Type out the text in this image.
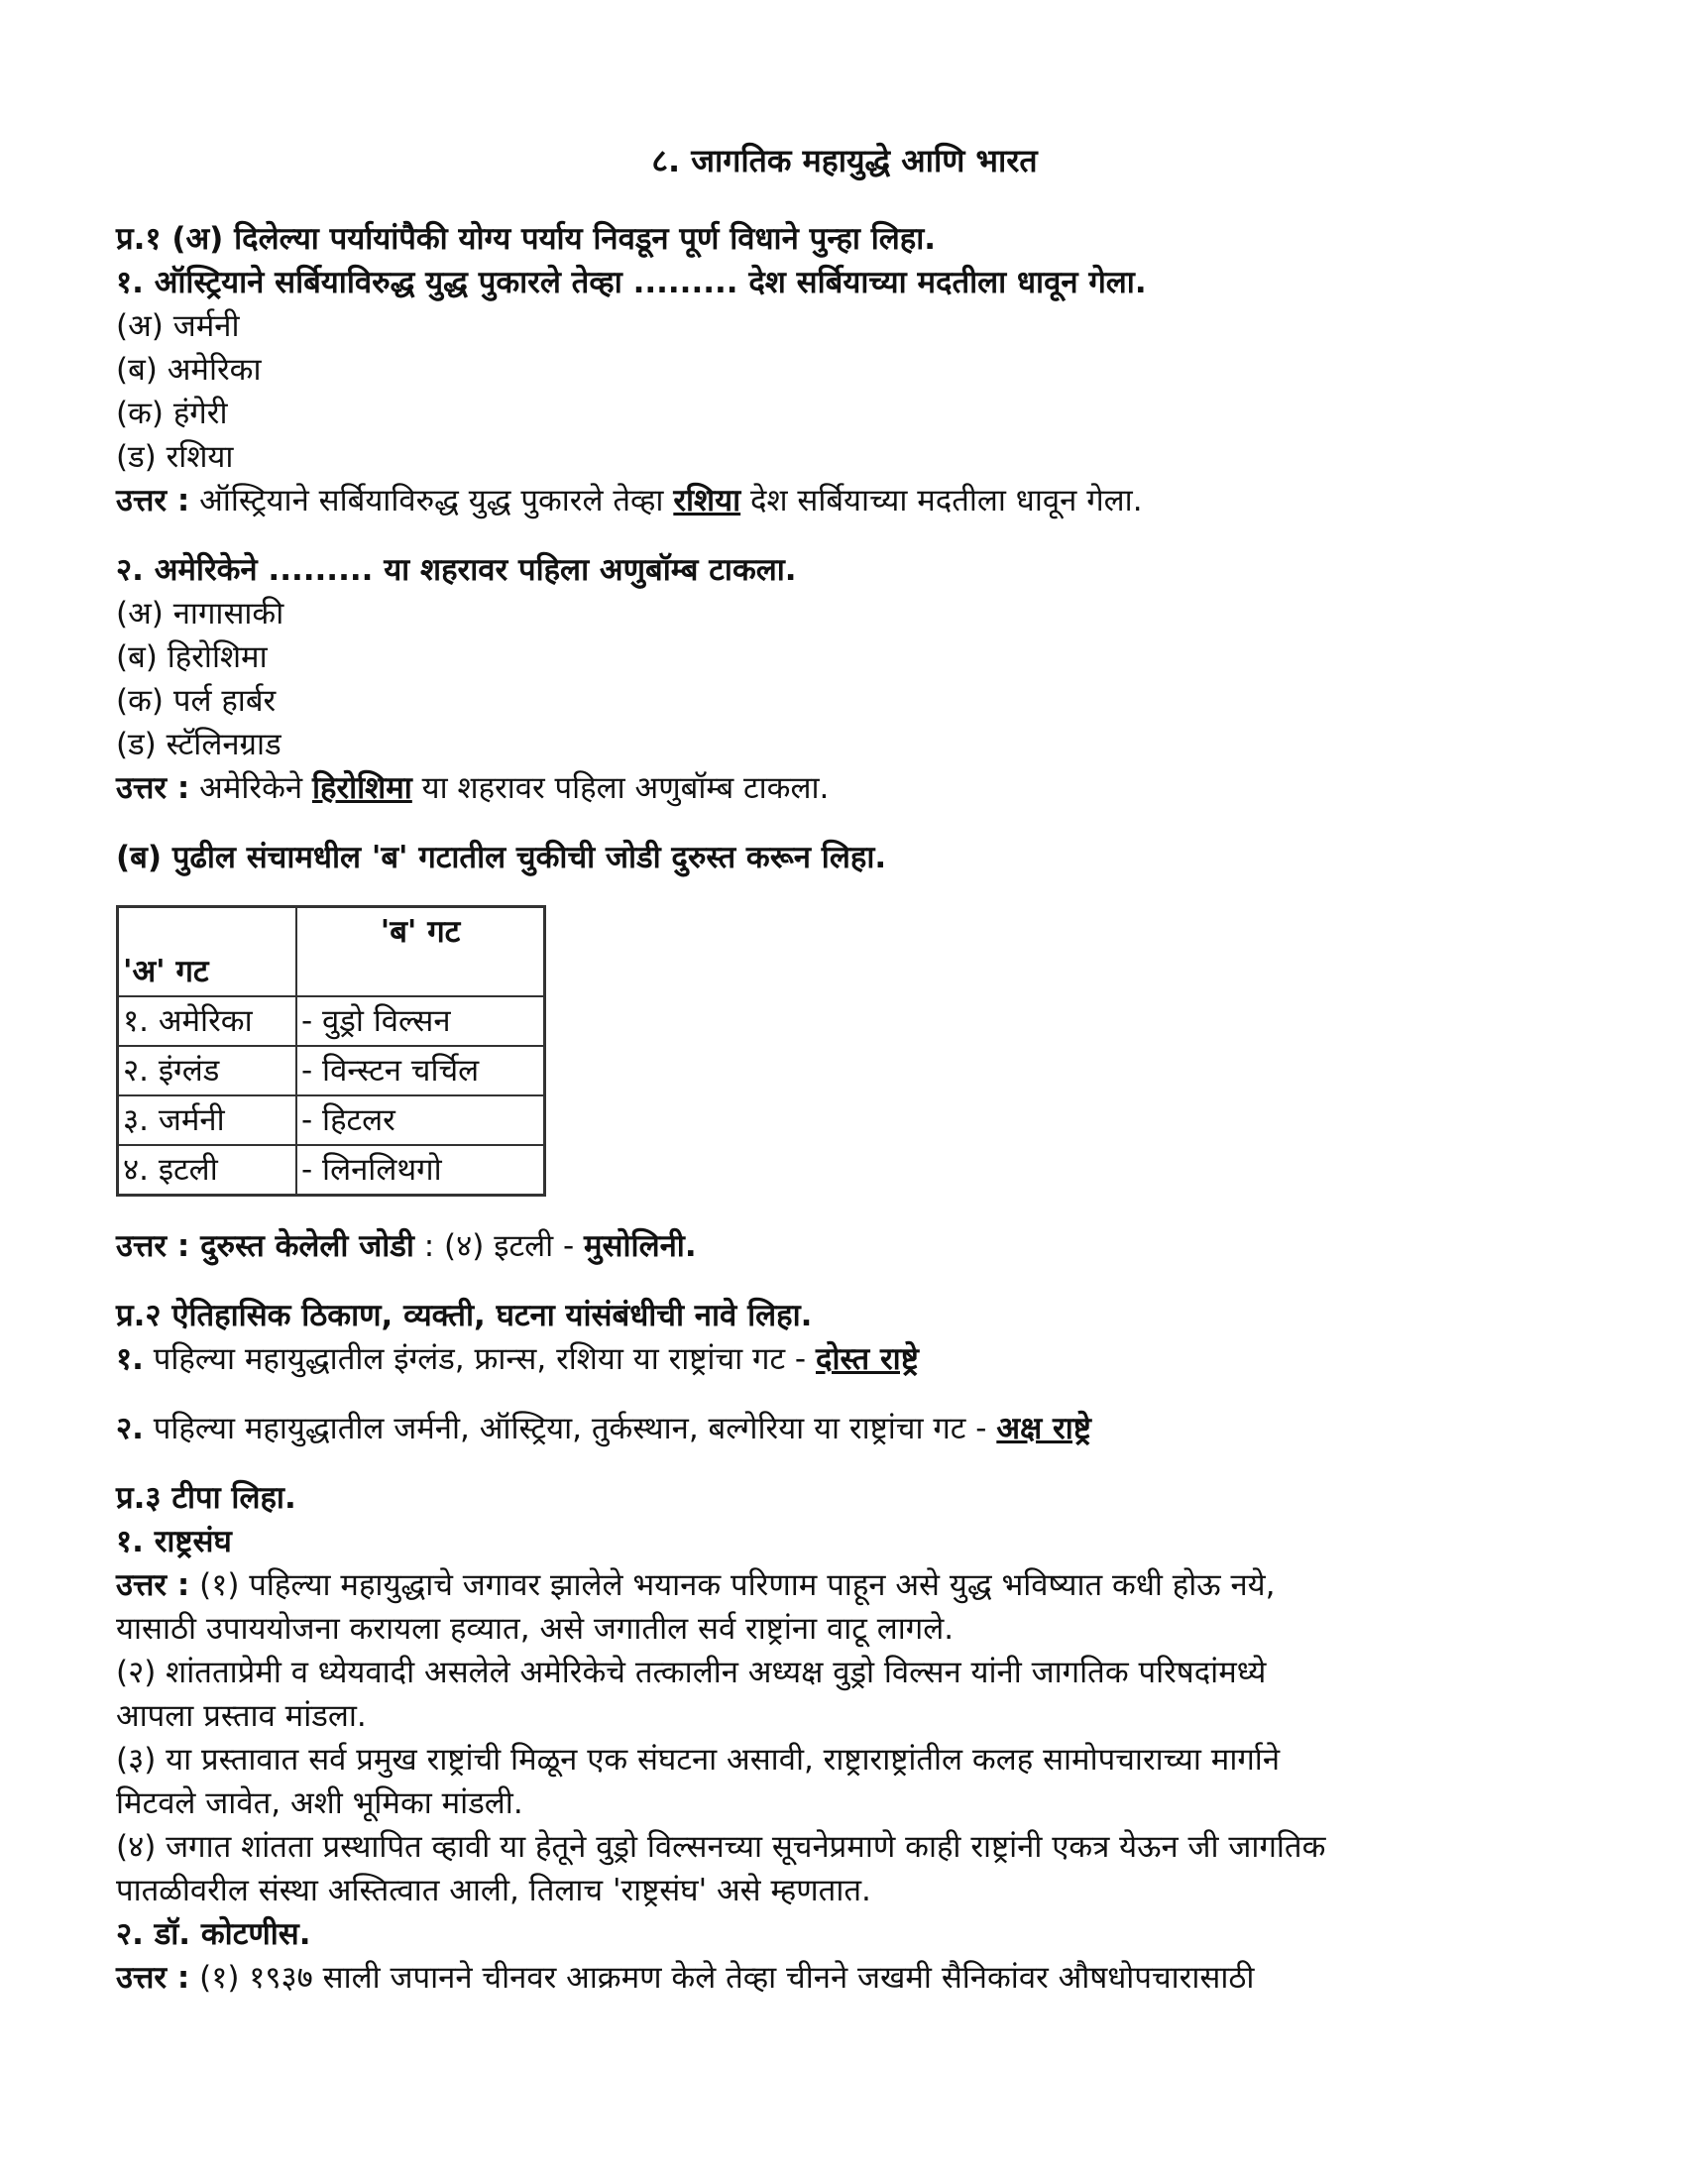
८. जागतिक महायुद्धे आणि भारत

प्र.१ (अ) दिलेल्या पर्यायांपैकी योग्य पर्याय निवडून पूर्ण विधाने पुन्हा लिहा.

१. ऑस्ट्रियाने सर्बियाविरुद्ध युद्ध पुकारले तेव्हा ......... देश सर्बियाच्या मदतीला धावून गेला.

(अ) जर्मनी

(ब) अमेरिका

(क) हंगेरी

(ड) रशिया

उत्तर : ऑस्ट्रियाने सर्बियाविरुद्ध युद्ध पुकारले तेव्हा रशिया देश सर्बियाच्या मदतीला धावून गेला.

२. अमेरिकेने ......... या शहरावर पहिला अणुबॉम्ब टाकला.

(अ) नागासाकी

(ब) हिरोशिमा

(क) पर्ल हार्बर

(ड) स्टॅलिनग्राड

उत्तर : अमेरिकेने हिरोशिमा या शहरावर पहिला अणुबॉम्ब टाकला.

(ब) पुढील संचामधील 'ब' गटातील चुकीची जोडी दुरुस्त करून लिहा.

'अ' गट	'ब' गट
१. अमेरिका	- वुड्रो विल्सन
२. इंग्लंड	- विन्स्टन चर्चिल
३. जर्मनी	- हिटलर
४. इटली	- लिनलिथगो

उत्तर : दुरुस्त केलेली जोडी : (४) इटली - मुसोलिनी.

प्र.२ ऐतिहासिक ठिकाण, व्यक्ती, घटना यांसंबंधीची नावे लिहा.

१. पहिल्या महायुद्धातील इंग्लंड, फ्रान्स, रशिया या राष्ट्रांचा गट - दोस्त राष्ट्रे

२. पहिल्या महायुद्धातील जर्मनी, ऑस्ट्रिया, तुर्कस्थान, बल्गेरिया या राष्ट्रांचा गट - अक्ष राष्ट्रे

प्र.३ टीपा लिहा.

१. राष्ट्रसंघ

उत्तर : (१) पहिल्या महायुद्धाचे जगावर झालेले भयानक परिणाम पाहून असे युद्ध भविष्यात कधी होऊ नये,

यासाठी उपाययोजना करायला हव्यात, असे जगातील सर्व राष्ट्रांना वाटू लागले.

(२) शांतताप्रेमी व ध्येयवादी असलेले अमेरिकेचे तत्कालीन अध्यक्ष वुड्रो विल्सन यांनी जागतिक परिषदांमध्ये

आपला प्रस्ताव मांडला.

(३) या प्रस्तावात सर्व प्रमुख राष्ट्रांची मिळून एक संघटना असावी, राष्ट्राराष्ट्रांतील कलह सामोपचाराच्या मार्गाने

मिटवले जावेत, अशी भूमिका मांडली.

(४) जगात शांतता प्रस्थापित व्हावी या हेतूने वुड्रो विल्सनच्या सूचनेप्रमाणे काही राष्ट्रांनी एकत्र येऊन जी जागतिक

पातळीवरील संस्था अस्तित्वात आली, तिलाच 'राष्ट्रसंघ' असे म्हणतात.

२. डॉ. कोटणीस.

उत्तर : (१) १९३७ साली जपानने चीनवर आक्रमण केले तेव्हा चीनने जखमी सैनिकांवर औषधोपचारासाठी
